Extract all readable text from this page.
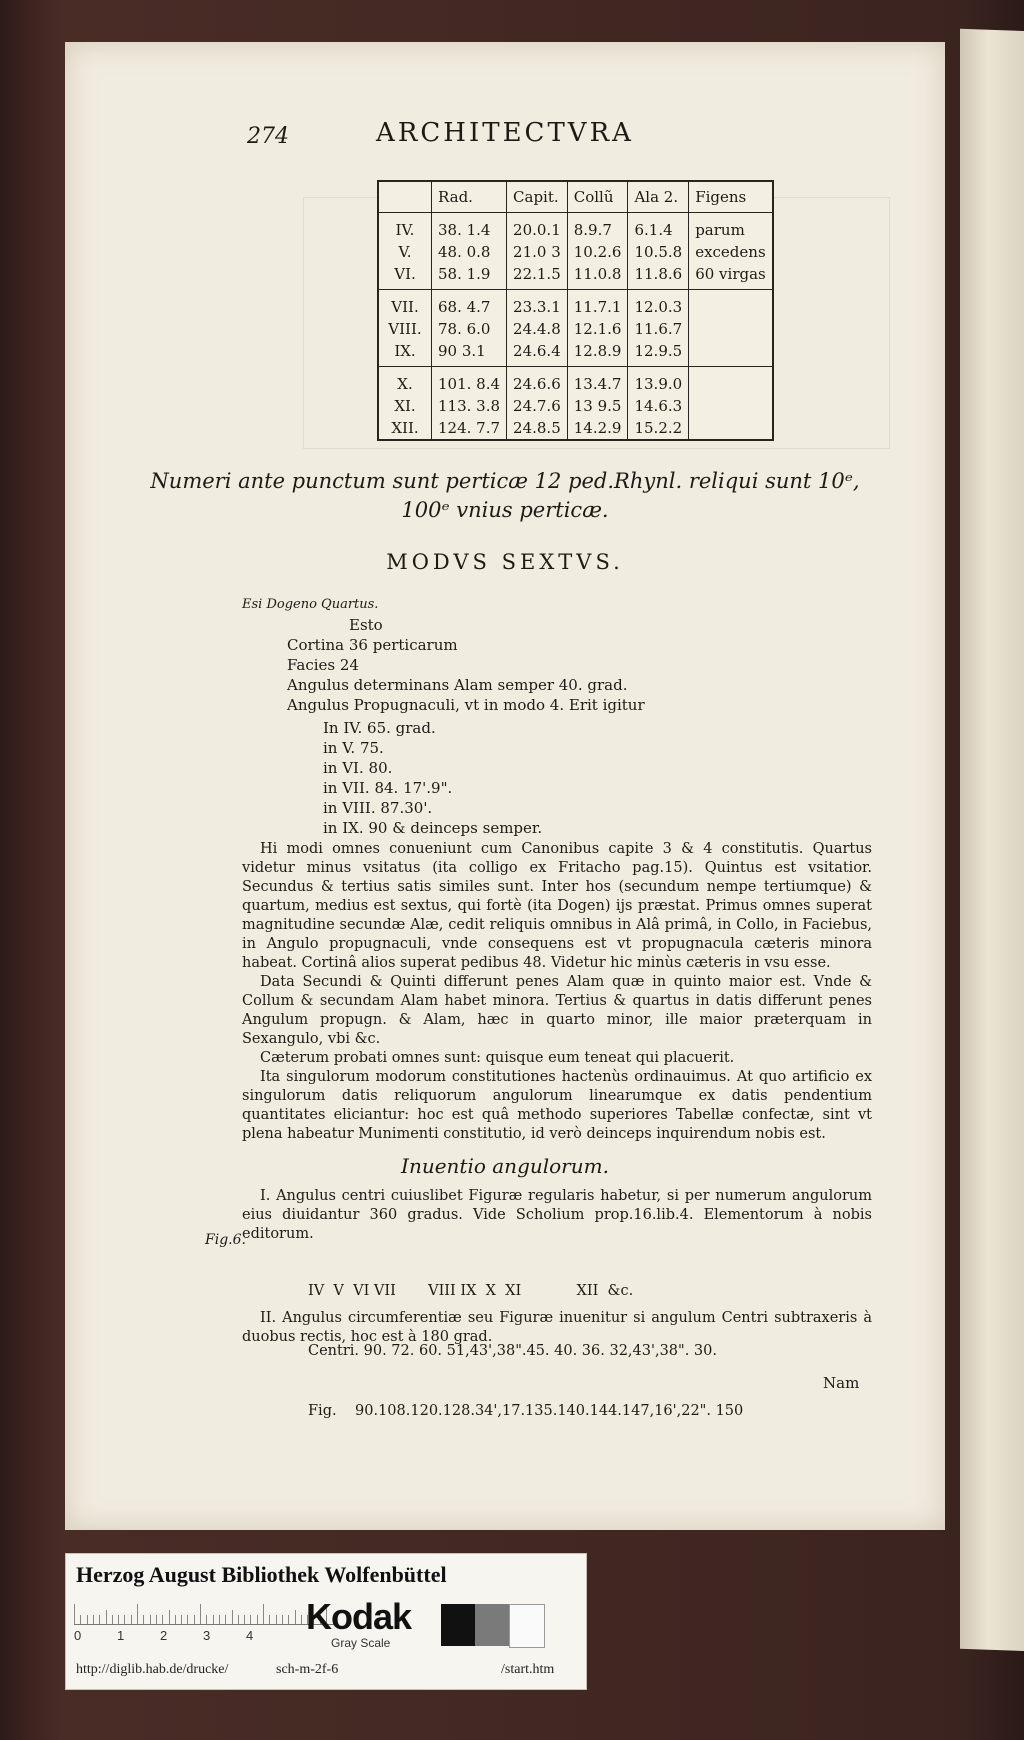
274	ARCHITECTVRA
	Rad.	Capit.	Collũ	Ala 2.	Figens
IV.	38. 1.4	20.0.1	8.9.7	6.1.4	parum
V.	48. 0.8	21.0 3	10.2.6	10.5.8	excedens
VI.	58. 1.9	22.1.5	11.0.8	11.8.6	60 virgas
VII.	68. 4.7	23.3.1	11.7.1	12.0.3	
VIII.	78. 6.0	24.4.8	12.1.6	11.6.7	
IX.	90 3.1	24.6.4	12.8.9	12.9.5	
X.	101. 8.4	24.6.6	13.4.7	13.9.0	
XI.	113. 3.8	24.7.6	13 9.5	14.6.3	
XII.	124. 7.7	24.8.5	14.2.9	15.2.2	
Numeri ante punctum sunt perticæ 12 ped.Rhynl. reliqui sunt 10ᵉ,
100ᵉ vnius perticæ.
MODVS SEXTVS.
Esi Dogeno Quartus.
Esto
Cortina 36 perticarum
Facies 24
Angulus determinans Alam semper 40. grad.
Angulus Propugnaculi, vt in modo 4. Erit igitur
In IV. 65. grad.
in V. 75.
in VI. 80.
in VII. 84. 17'.9".
in VIII. 87.30'.
in IX. 90 & deinceps semper.

Hi modi omnes conueniunt cum Canonibus capite 3 & 4 constitutis. Quartus videtur minus vsitatus (ita colligo ex Fritacho pag.15). Quintus est vsitatior. Secundus & tertius satis similes sunt. Inter hos (secundum nempe tertiumque) & quartum, medius est sextus, qui fortè (ita Dogen) ijs præstat. Primus omnes superat magnitudine secundæ Alæ, cedit reliquis omnibus in Alâ primâ, in Collo, in Faciebus, in Angulo propugnaculi, vnde consequens est vt propugnacula cæteris minora habeat. Cortinâ alios superat pedibus 48. Videtur hic minùs cæteris in vsu esse.

Data Secundi & Quinti differunt penes Alam quæ in quinto maior est. Vnde & Collum & secundam Alam habet minora. Tertius & quartus in datis differunt penes Angulum propugn. & Alam, hæc in quarto minor, ille maior præterquam in Sexangulo, vbi &c.

Cæterum probati omnes sunt: quisque eum teneat qui placuerit.

Ita singulorum modorum constitutiones hactenùs ordinauimus. At quo artificio ex singulorum datis reliquorum angulorum linearumque ex datis pendentium quantitates eliciantur: hoc est quâ methodo superiores Tabellæ confectæ, sint vt plena habeatur Munimenti constitutio, id verò deinceps inquirendum nobis est.

Inuentio angulorum.
Fig.6.

I. Angulus centri cuiuslibet Figuræ regularis habetur, si per numerum angulorum eius diuidantur 360 gradus. Vide Scholium prop.16.lib.4. Elementorum à nobis editorum.

IV  V  VI VII       VIII IX  X  XI            XII  &c.

Centri. 90. 72. 60. 51,43',38".45. 40. 36. 32,43',38". 30.

Fig.    90.108.120.128.34',17.135.140.144.147,16',22". 150

II. Angulus circumferentiæ seu Figuræ inuenitur si angulum Centri subtraxeris à duobus rectis, hoc est à 180 grad.

Nam
Herzog August Bibliothek Wolfenbüttel
0	1	2	3	4 Kodak
Gray Scale
http://diglib.hab.de/drucke/	sch-m-2f-6	/start.htm
